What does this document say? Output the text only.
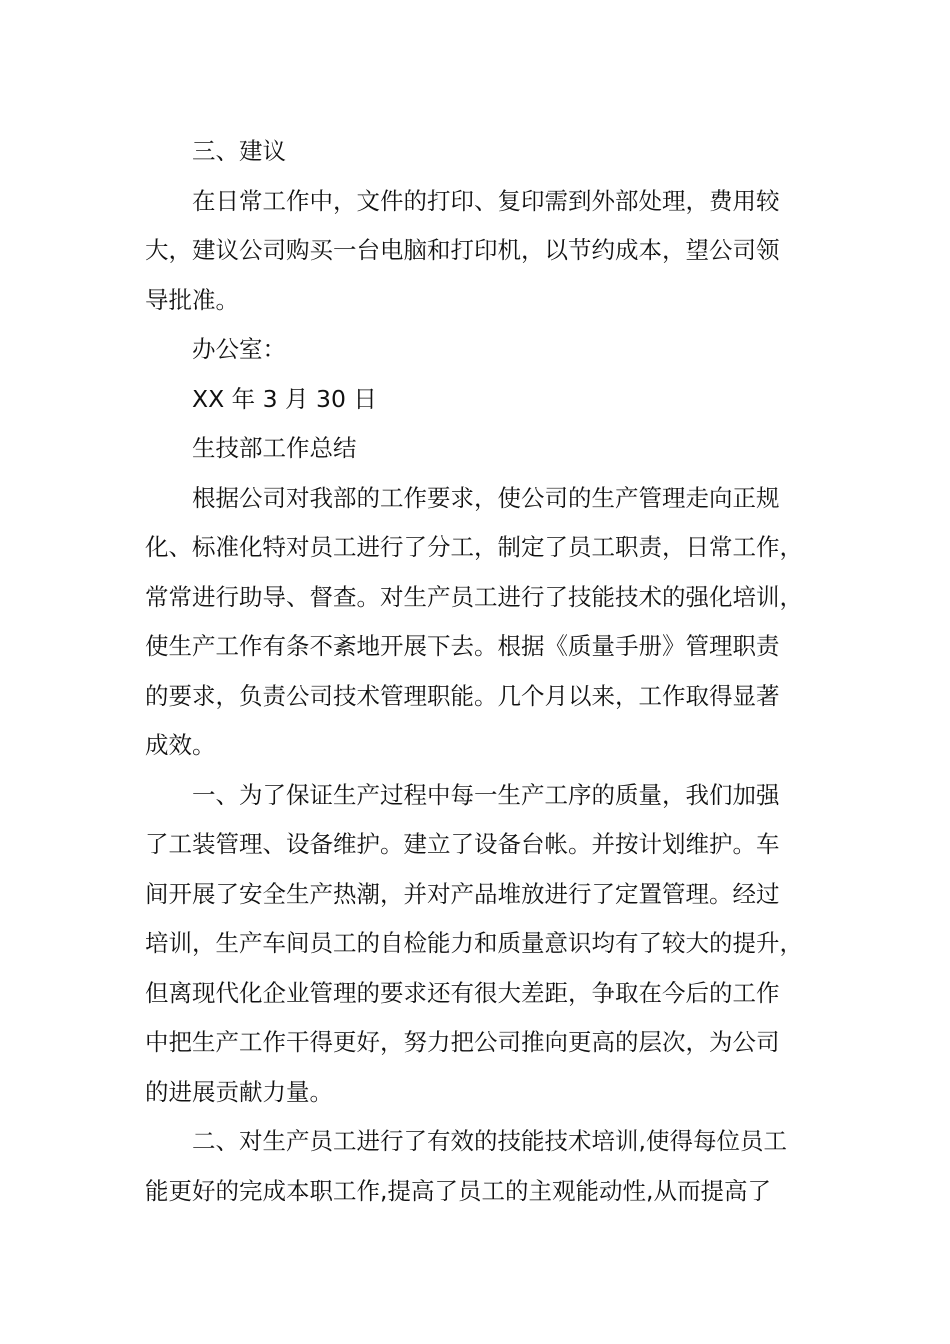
三、建议

在日常工作中，文件的打印、复印需到外部处理，费用较

大，建议公司购买一台电脑和打印机，以节约成本，望公司领

导批准。

办公室：

XX 年 3 月 30 日

生技部工作总结

根据公司对我部的工作要求，使公司的生产管理走向正规

化、标准化特对员工进行了分工，制定了员工职责，日常工作，

常常进行助导、督查。对生产员工进行了技能技术的强化培训，

使生产工作有条不紊地开展下去。根据《质量手册》管理职责

的要求，负责公司技术管理职能。几个月以来，工作取得显著

成效。

一、为了保证生产过程中每一生产工序的质量，我们加强

了工装管理、设备维护。建立了设备台帐。并按计划维护。车

间开展了安全生产热潮，并对产品堆放进行了定置管理。经过

培训，生产车间员工的自检能力和质量意识均有了较大的提升，

但离现代化企业管理的要求还有很大差距，争取在今后的工作

中把生产工作干得更好，努力把公司推向更高的层次，为公司

的进展贡献力量。

二、对生产员工进行了有效的技能技术培训,使得每位员工

能更好的完成本职工作,提高了员工的主观能动性,从而提高了
